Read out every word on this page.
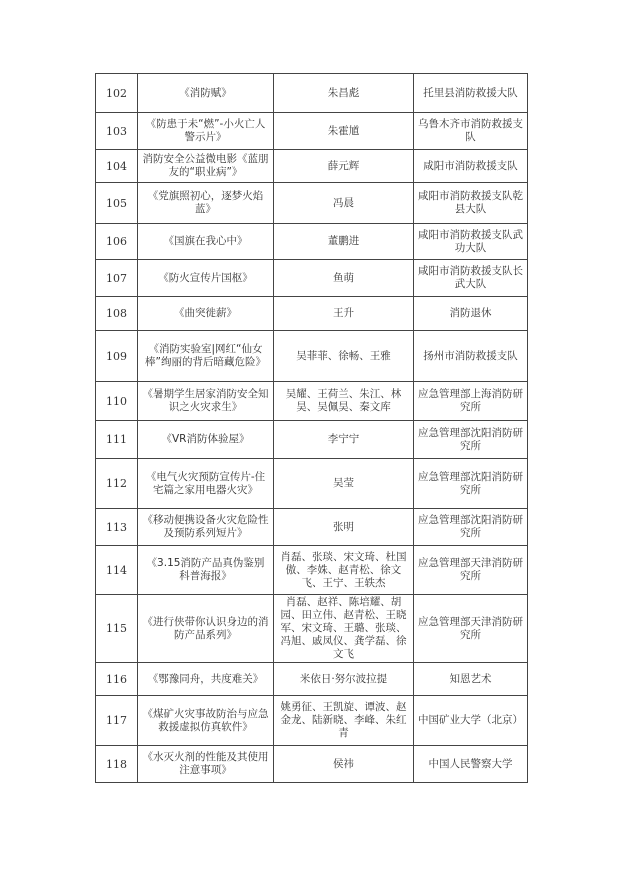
102	《消防赋》	朱昌彪	托里县消防救援大队
103	《防患于未“燃”-小火亡人警示片》	朱霍馗	乌鲁木齐市消防救援支队
104	消防安全公益微电影《蓝朋友的“职业病”》	薛元辉	咸阳市消防救援支队
105	《党旗照初心，逐梦火焰蓝》	冯晨	咸阳市消防救援支队乾县大队
106	《国旗在我心中》	董鹏进	咸阳市消防救援支队武功大队
107	《防火宣传片国枢》	鱼萌	咸阳市消防救援支队长武大队
108	《曲突徙薪》	王升	消防退休
109	《消防实验室|网红“仙女棒”绚丽的背后暗藏危险》	吴菲菲、徐畅、王雅	扬州市消防救援支队
110	《暑期学生居家消防安全知识之火灾求生》	吴耀、王荷兰、朱江、林昊、吴佩昊、秦文库	应急管理部上海消防研究所
111	《VR消防体验屋》	李宁宁	应急管理部沈阳消防研究所
112	《电气火灾预防宣传片-住宅篇之家用电器火灾》	吴莹	应急管理部沈阳消防研究所
113	《移动便携设备火灾危险性及预防系列短片》	张明	应急管理部沈阳消防研究所
114	《3.15消防产品真伪鉴别科普海报》	肖磊、张琰、宋文琦、杜国傲、李姝、赵青松、徐文飞、王宁、王轶杰	应急管理部天津消防研究所
115	《进行侠带你认识身边的消防产品系列》	肖磊、赵祥、陈培耀、胡园、田立伟、赵青松、王晓军、宋文琦、王璐、张琰、冯旭、戚凤仪、龚学磊、徐文飞	应急管理部天津消防研究所
116	《鄂豫同舟，共度难关》	米依日·努尔波拉提	知恩艺术
117	《煤矿火灾事故防治与应急救援虚拟仿真软件》	姚勇征、王凯旋、谭波、赵金龙、陆新晓、李峰、朱红青	中国矿业大学（北京）
118	《水灭火剂的性能及其使用注意事项》	侯祎	中国人民警察大学
